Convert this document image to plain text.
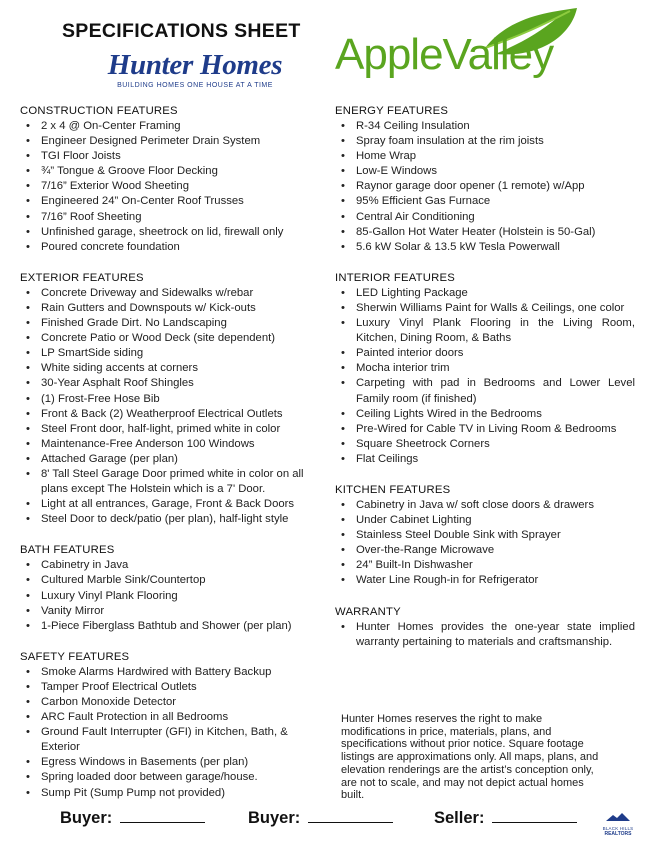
SPECIFICATIONS SHEET
Hunter Homes
BUILDING HOMES ONE HOUSE AT A TIME
AppleValley
CONSTRUCTION FEATURES
• 2 x 4 @ On-Center Framing
• Engineer Designed Perimeter Drain System
• TGI Floor Joists
• ¾” Tongue & Groove Floor Decking
• 7/16” Exterior Wood Sheeting
• Engineered 24” On-Center Roof Trusses
• 7/16” Roof Sheeting
• Unfinished garage, sheetrock on lid, firewall only
• Poured concrete foundation
EXTERIOR FEATURES
• Concrete Driveway and Sidewalks w/rebar
• Rain Gutters and Downspouts w/ Kick-outs
• Finished Grade Dirt. No Landscaping
• Concrete Patio or Wood Deck (site dependent)
• LP SmartSide siding
• White siding accents at corners
• 30-Year Asphalt Roof Shingles
• (1) Frost-Free Hose Bib
• Front & Back (2) Weatherproof Electrical Outlets
• Steel Front door, half-light, primed white in color
• Maintenance-Free Anderson 100 Windows
• Attached Garage (per plan)
• 8' Tall Steel Garage Door primed white in color on all plans except The Holstein which is a 7' Door.
• Light at all entrances, Garage, Front & Back Doors
• Steel Door to deck/patio (per plan), half-light style
BATH FEATURES
• Cabinetry in Java
• Cultured Marble Sink/Countertop
• Luxury Vinyl Plank Flooring
• Vanity Mirror
• 1-Piece Fiberglass Bathtub and Shower (per plan)
SAFETY FEATURES
• Smoke Alarms Hardwired with Battery Backup
• Tamper Proof Electrical Outlets
• Carbon Monoxide Detector
• ARC Fault Protection in all Bedrooms
• Ground Fault Interrupter (GFI) in Kitchen, Bath, & Exterior
• Egress Windows in Basements (per plan)
• Spring loaded door between garage/house.
• Sump Pit (Sump Pump not provided)
ENERGY FEATURES
• R-34 Ceiling Insulation
• Spray foam insulation at the rim joists
• Home Wrap
• Low-E Windows
• Raynor garage door opener (1 remote) w/App
• 95% Efficient Gas Furnace
• Central Air Conditioning
• 85-Gallon Hot Water Heater (Holstein is 50-Gal)
• 5.6 kW Solar & 13.5 kW Tesla Powerwall
INTERIOR FEATURES
• LED Lighting Package
• Sherwin Williams Paint for Walls & Ceilings, one color
• Luxury Vinyl Plank Flooring in the Living Room, Kitchen, Dining Room, & Baths
• Painted interior doors
• Mocha interior trim
• Carpeting with pad in Bedrooms and Lower Level Family room (if finished)
• Ceiling Lights Wired in the Bedrooms
• Pre-Wired for Cable TV in Living Room & Bedrooms
• Square Sheetrock Corners
• Flat Ceilings
KITCHEN FEATURES
• Cabinetry in Java w/ soft close doors & drawers
• Under Cabinet Lighting
• Stainless Steel Double Sink with Sprayer
• Over-the-Range Microwave
• 24” Built-In Dishwasher
• Water Line Rough-in for Refrigerator
WARRANTY
• Hunter Homes provides the one-year state implied warranty pertaining to materials and craftsmanship.
Hunter Homes reserves the right to make modifications in price, materials, plans, and specifications without prior notice. Square footage listings are approximations only. All maps, plans, and elevation renderings are the artist’s conception only, are not to scale, and may not depict actual homes built.
Buyer:	Buyer:	Seller:
BLACK HILLS
REALTORS
